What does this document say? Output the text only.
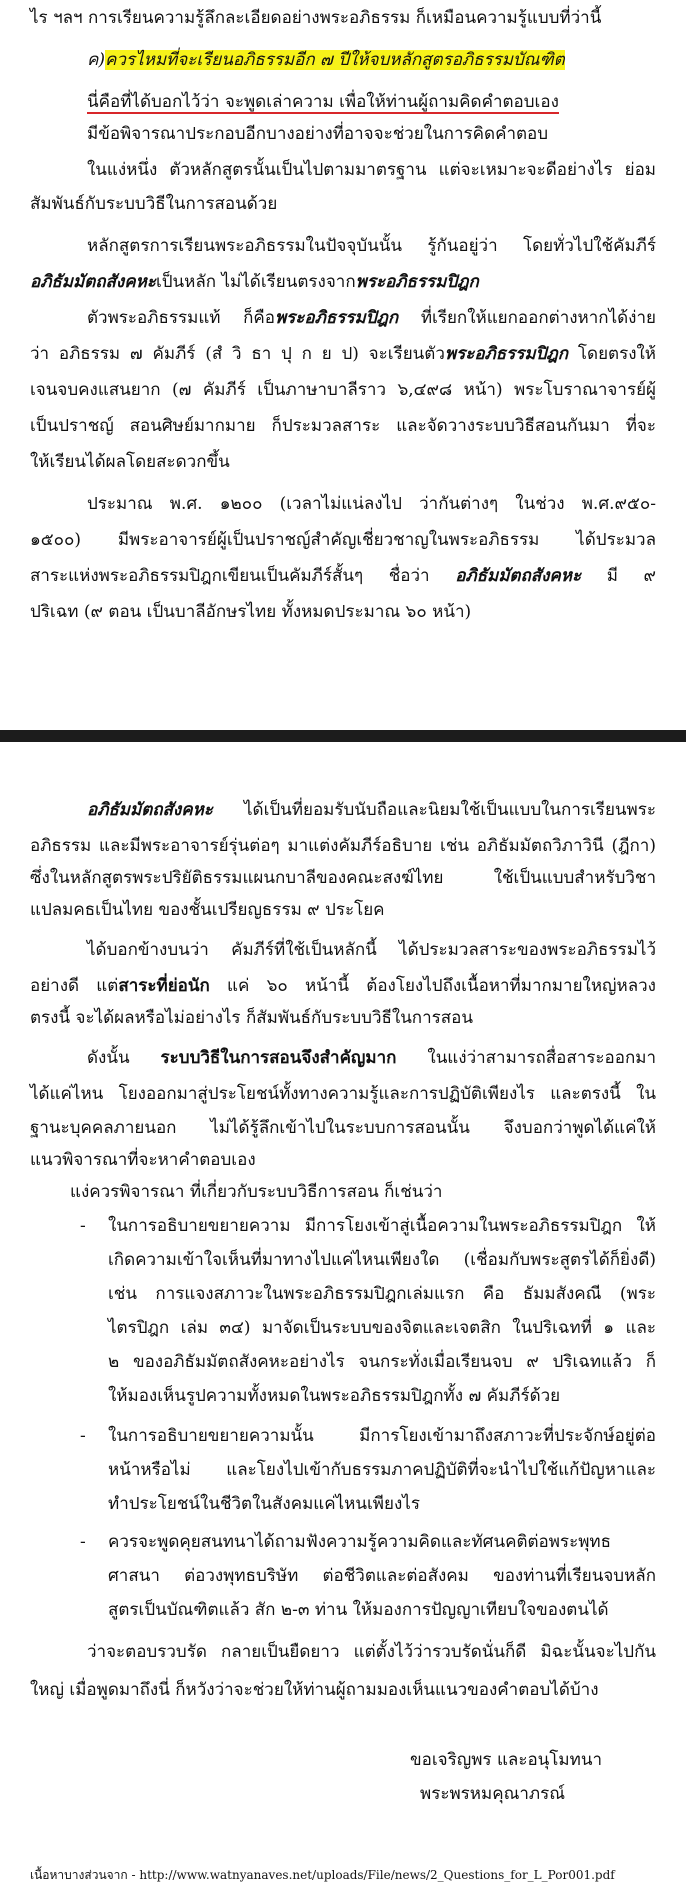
ไร ฯลฯ การเรียนความรู้ลึกละเอียดอย่างพระอภิธรรม ก็เหมือนความรู้แบบที่ว่านี้
ค)ควรไหมที่จะเรียนอภิธรรมอีก ๗ ปีให้จบหลักสูตรอภิธรรมบัณฑิต
นี่คือที่ได้บอกไว้ว่า จะพูดเล่าความ เพื่อให้ท่านผู้ถามคิดคำตอบเอง
มีข้อพิจารณาประกอบอีกบางอย่างที่อาจจะช่วยในการคิดคำตอบ
ในแง่หนึ่ง ตัวหลักสูตรนั้นเป็นไปตามมาตรฐาน แต่จะเหมาะจะดีอย่างไร ย่อม
สัมพันธ์กับระบบวิธีในการสอนด้วย
หลักสูตรการเรียนพระอภิธรรมในปัจจุบันนั้น รู้กันอยู่ว่า โดยทั่วไปใช้คัมภีร์
อภิธัมมัตถสังคหะเป็นหลัก ไม่ได้เรียนตรงจากพระอภิธรรมปิฎก
ตัวพระอภิธรรมแท้ ก็คือพระอภิธรรมปิฎก ที่เรียกให้แยกออกต่างหากได้ง่าย
ว่า อภิธรรม ๗ คัมภีร์ (สํ วิ ธา ปุ ก ย ป) จะเรียนตัวพระอภิธรรมปิฎก โดยตรงให้
เจนจบคงแสนยาก (๗ คัมภีร์ เป็นภาษาบาลีราว ๖,๔๙๘ หน้า) พระโบราณาจารย์ผู้
เป็นปราชญ์ สอนศิษย์มากมาย ก็ประมวลสาระ และจัดวางระบบวิธีสอนกันมา ที่จะ
ให้เรียนได้ผลโดยสะดวกขึ้น
ประมาณ พ.ศ. ๑๒๐๐ (เวลาไม่แน่ลงไป ว่ากันต่างๆ ในช่วง พ.ศ.๙๕๐-
๑๕๐๐) มีพระอาจารย์ผู้เป็นปราชญ์สำคัญเชี่ยวชาญในพระอภิธรรม ได้ประมวล
สาระแห่งพระอภิธรรมปิฎกเขียนเป็นคัมภีร์สั้นๆ ชื่อว่า อภิธัมมัตถสังคหะ มี ๙
ปริเฉท (๙ ตอน เป็นบาลีอักษรไทย ทั้งหมดประมาณ ๖๐ หน้า)
อภิธัมมัตถสังคหะ ได้เป็นที่ยอมรับนับถือและนิยมใช้เป็นแบบในการเรียนพระ
อภิธรรม และมีพระอาจารย์รุ่นต่อๆ มาแต่งคัมภีร์อธิบาย เช่น อภิธัมมัตถวิภาวินี (ฎีกา)
ซึ่งในหลักสูตรพระปริยัติธรรมแผนกบาลีของคณะสงฆ์ไทย ใช้เป็นแบบสำหรับวิชา
แปลมคธเป็นไทย ของชั้นเปรียญธรรม ๙ ประโยค
ได้บอกข้างบนว่า คัมภีร์ที่ใช้เป็นหลักนี้ ได้ประมวลสาระของพระอภิธรรมไว้
อย่างดี แต่สาระที่ย่อนัก แค่ ๖๐ หน้านี้ ต้องโยงไปถึงเนื้อหาที่มากมายใหญ่หลวง
ตรงนี้ จะได้ผลหรือไม่อย่างไร ก็สัมพันธ์กับระบบวิธีในการสอน
ดังนั้น ระบบวิธีในการสอนจึงสำคัญมาก ในแง่ว่าสามารถสื่อสาระออกมา
ได้แค่ไหน โยงออกมาสู่ประโยชน์ทั้งทางความรู้และการปฏิบัติเพียงไร และตรงนี้ ใน
ฐานะบุคคลภายนอก ไม่ได้รู้ลึกเข้าไปในระบบการสอนนั้น จึงบอกว่าพูดได้แค่ให้
แนวพิจารณาที่จะหาคำตอบเอง
แง่ควรพิจารณา ที่เกี่ยวกับระบบวิธีการสอน ก็เช่นว่า
- ในการอธิบายขยายความ มีการโยงเข้าสู่เนื้อความในพระอภิธรรมปิฎก ให้
เกิดความเข้าใจเห็นที่มาทางไปแค่ไหนเพียงใด (เชื่อมกับพระสูตรได้ก็ยิ่งดี)
เช่น การแจงสภาวะในพระอภิธรรมปิฎกเล่มแรก คือ ธัมมสังคณี (พระ
ไตรปิฎก เล่ม ๓๔) มาจัดเป็นระบบของจิตและเจตสิก ในปริเฉทที่ ๑ และ
๒ ของอภิธัมมัตถสังคหะอย่างไร จนกระทั่งเมื่อเรียนจบ ๙ ปริเฉทแล้ว ก็
ให้มองเห็นรูปความทั้งหมดในพระอภิธรรมปิฎกทั้ง ๗ คัมภีร์ด้วย
- ในการอธิบายขยายความนั้น มีการโยงเข้ามาถึงสภาวะที่ประจักษ์อยู่ต่อ
หน้าหรือไม่ และโยงไปเข้ากับธรรมภาคปฏิบัติที่จะนำไปใช้แก้ปัญหาและ
ทำประโยชน์ในชีวิตในสังคมแค่ไหนเพียงไร
- ควรจะพูดคุยสนทนาได้ถามฟังความรู้ความคิดและทัศนคติต่อพระพุทธ
ศาสนา ต่อวงพุทธบริษัท ต่อชีวิตและต่อสังคม ของท่านที่เรียนจบหลัก
สูตรเป็นบัณฑิตแล้ว สัก ๒-๓ ท่าน ให้มองการปัญญาเทียบใจของตนได้
ว่าจะตอบรวบรัด กลายเป็นยืดยาว แต่ตั้งไว้ว่ารวบรัดนั่นก็ดี มิฉะนั้นจะไปกัน
ใหญ่ เมื่อพูดมาถึงนี่ ก็หวังว่าจะช่วยให้ท่านผู้ถามมองเห็นแนวของคำตอบได้บ้าง
ขอเจริญพร และอนุโมทนา
พระพรหมคุณาภรณ์
เนื้อหาบางส่วนจาก - http://www.watnyanaves.net/uploads/File/news/2_Questions_for_L_Por001.pdf
